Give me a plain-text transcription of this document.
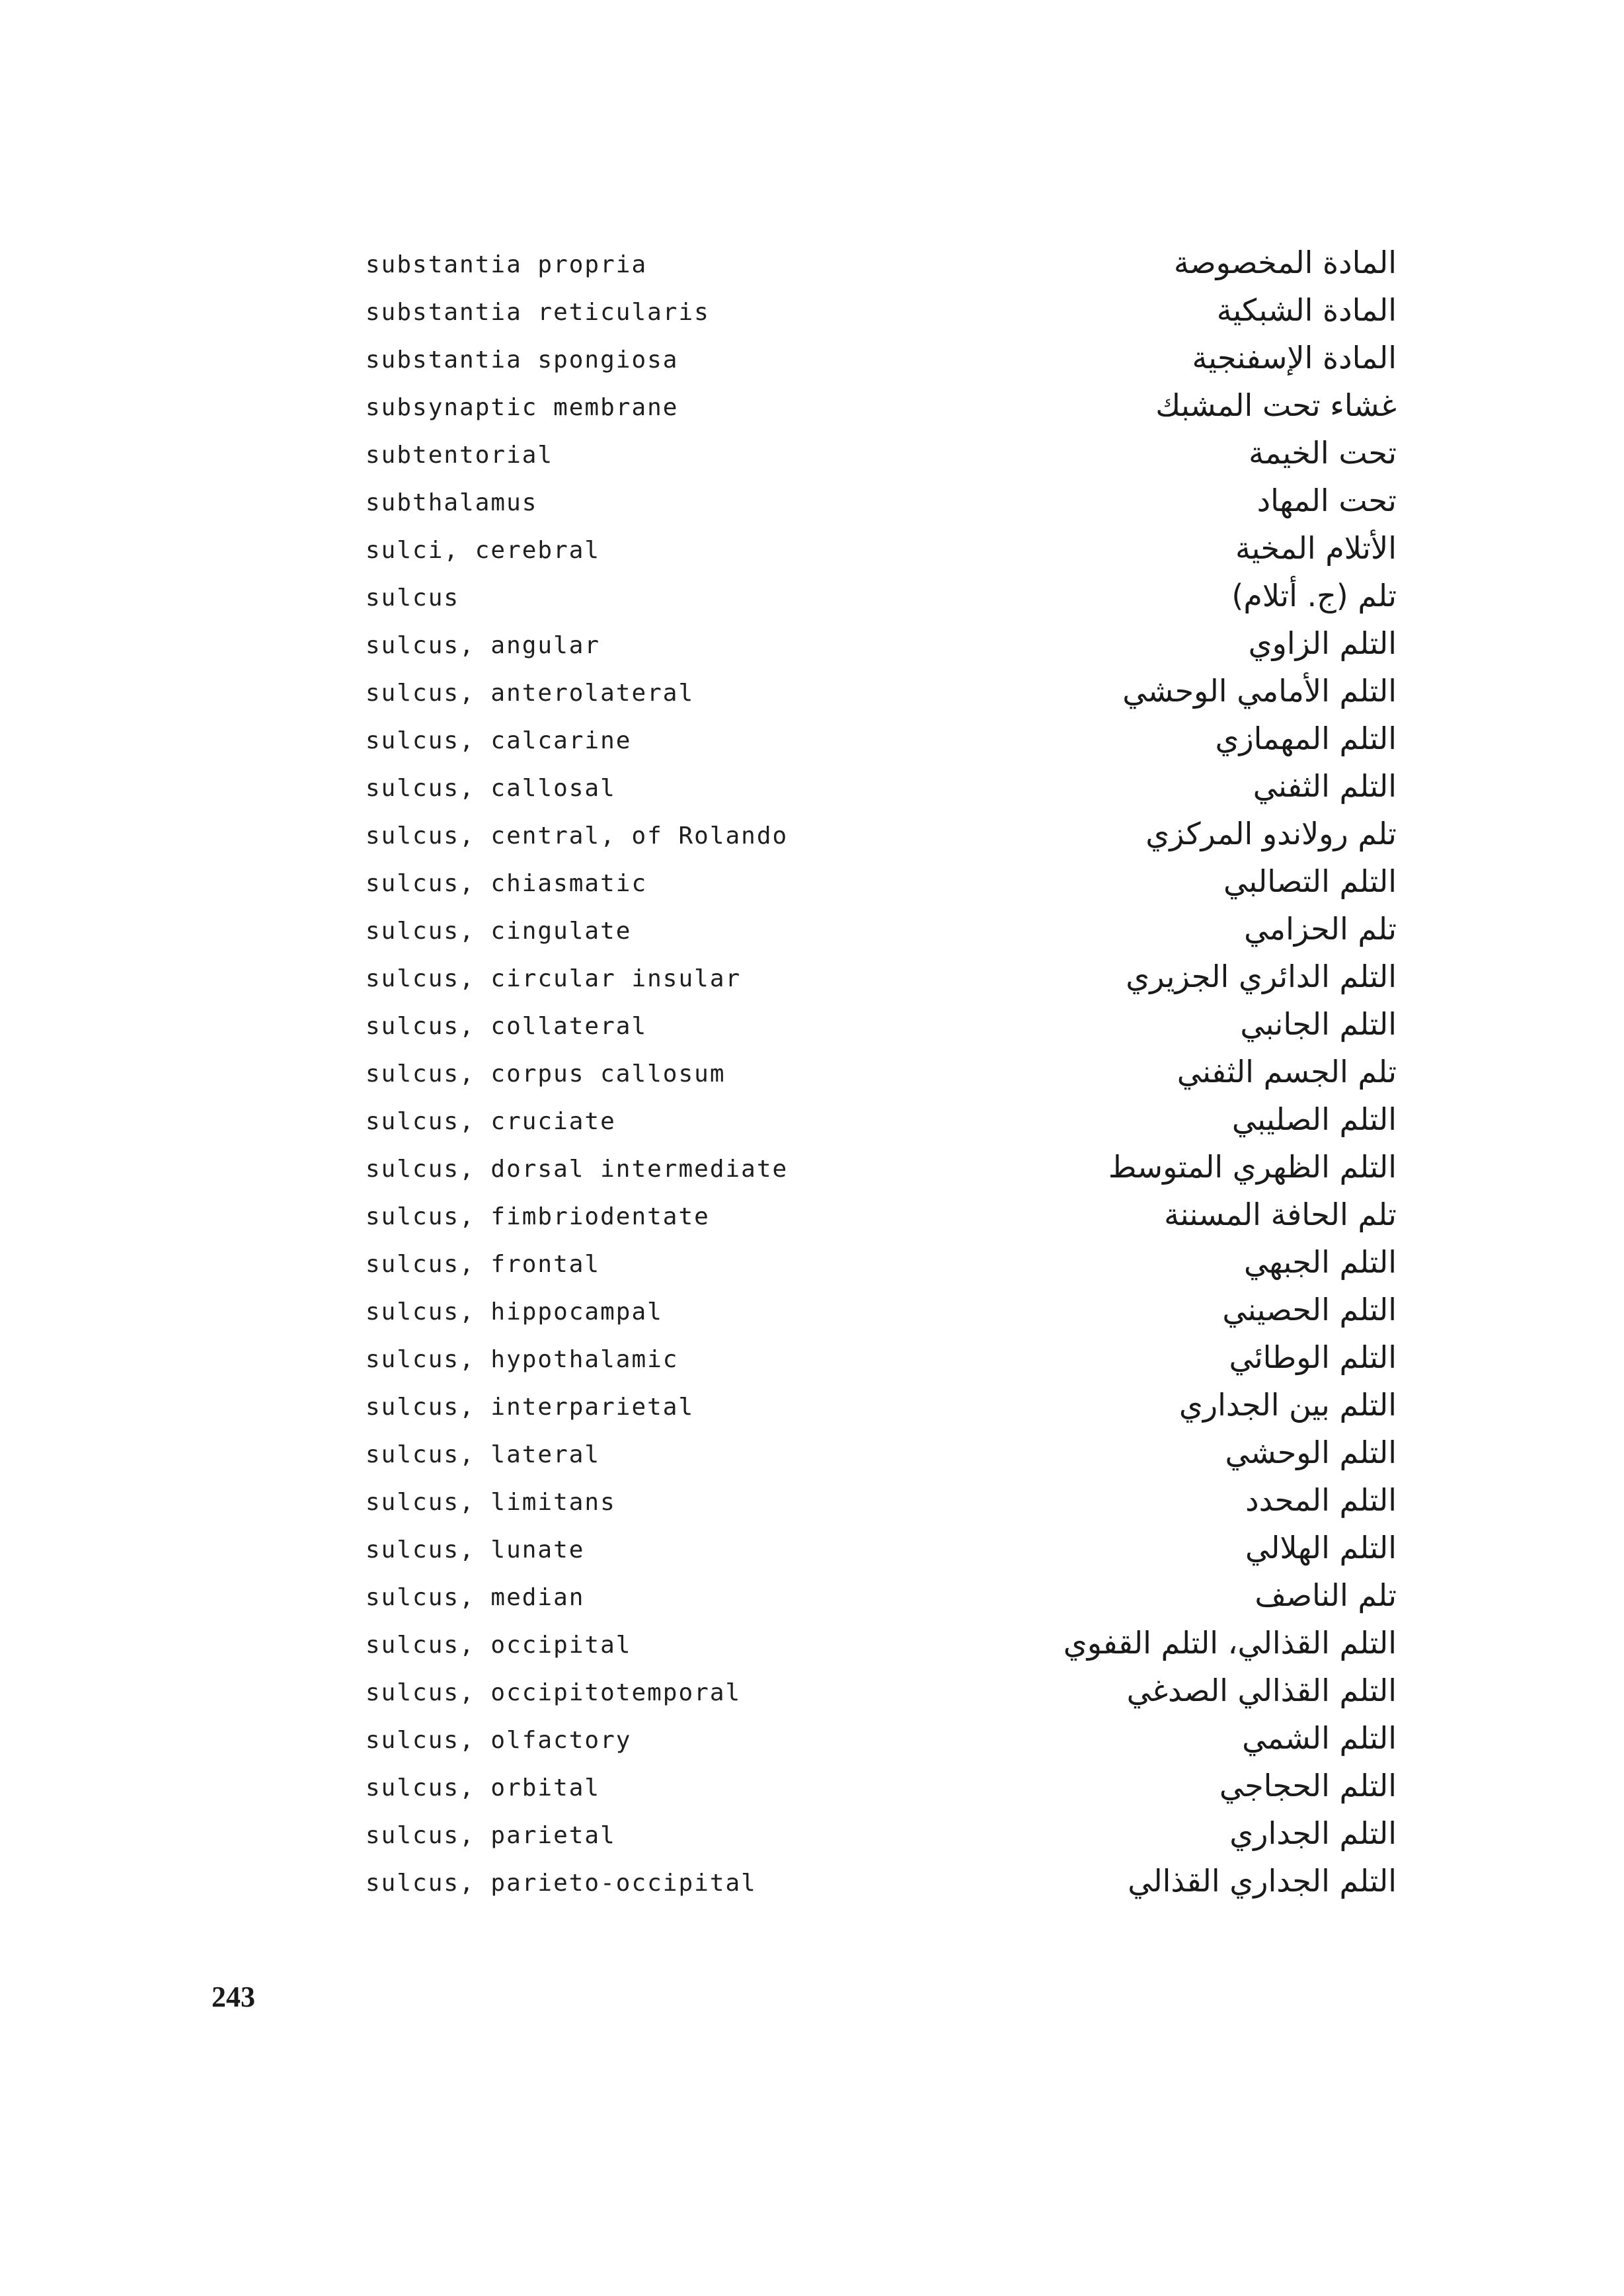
substantia propria	المادة المخصوصة
substantia reticularis	المادة الشبكية
substantia spongiosa	المادة الإسفنجية
subsynaptic membrane	غشاء تحت المشبك
subtentorial	تحت الخيمة
subthalamus	تحت المهاد
sulci, cerebral	الأتلام المخية
sulcus	تلم (ج. أتلام)
sulcus, angular	التلم الزاوي
sulcus, anterolateral	التلم الأمامي الوحشي
sulcus, calcarine	التلم المهمازي
sulcus, callosal	التلم الثفني
sulcus, central, of Rolando	تلم رولاندو المركزي
sulcus, chiasmatic	التلم التصالبي
sulcus, cingulate	تلم الحزامي
sulcus, circular insular	التلم الدائري الجزيري
sulcus, collateral	التلم الجانبي
sulcus, corpus callosum	تلم الجسم الثفني
sulcus, cruciate	التلم الصليبي
sulcus, dorsal intermediate	التلم الظهري المتوسط
sulcus, fimbriodentate	تلم الحافة المسننة
sulcus, frontal	التلم الجبهي
sulcus, hippocampal	التلم الحصيني
sulcus, hypothalamic	التلم الوطائي
sulcus, interparietal	التلم بين الجداري
sulcus, lateral	التلم الوحشي
sulcus, limitans	التلم المحدد
sulcus, lunate	التلم الهلالي
sulcus, median	تلم الناصف
sulcus, occipital	التلم القذالي، التلم القفوي
sulcus, occipitotemporal	التلم القذالي الصدغي
sulcus, olfactory	التلم الشمي
sulcus, orbital	التلم الحجاجي
sulcus, parietal	التلم الجداري
sulcus, parieto-occipital	التلم الجداري القذالي
243
